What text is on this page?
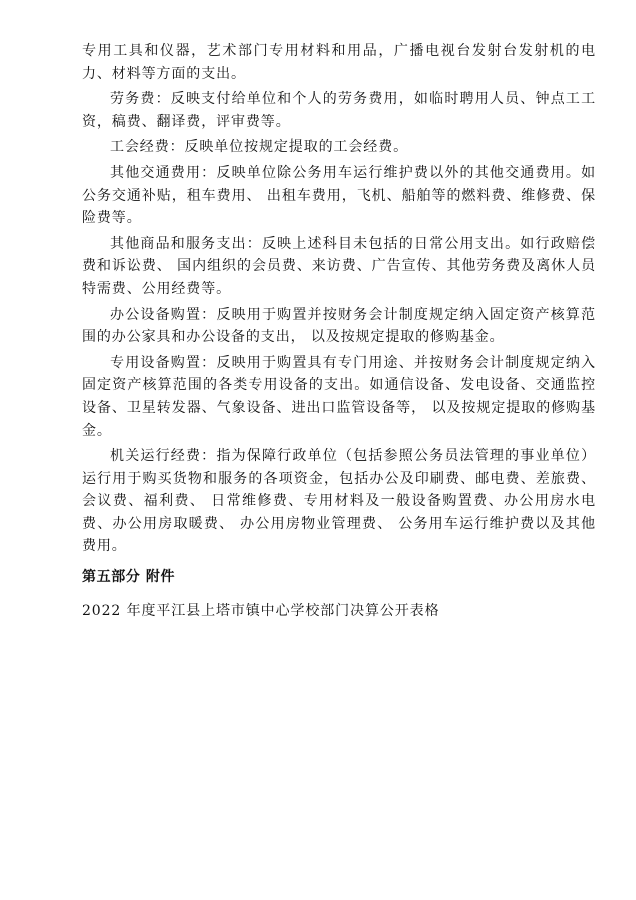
专用工具和仪器，艺术部门专用材料和用品，广播电视台发射台发射机的电力、材料等方面的支出。

劳务费：反映支付给单位和个人的劳务费用，如临时聘用人员、钟点工工资，稿费、翻译费，评审费等。

工会经费：反映单位按规定提取的工会经费。

其他交通费用：反映单位除公务用车运行维护费以外的其他交通费用。如公务交通补贴，租车费用、 出租车费用，飞机、船舶等的燃料费、维修费、保险费等。

其他商品和服务支出：反映上述科目未包括的日常公用支出。如行政赔偿费和诉讼费、 国内组织的会员费、来访费、广告宣传、其他劳务费及离休人员特需费、公用经费等。

办公设备购置：反映用于购置并按财务会计制度规定纳入固定资产核算范围的办公家具和办公设备的支出， 以及按规定提取的修购基金。

专用设备购置：反映用于购置具有专门用途、并按财务会计制度规定纳入固定资产核算范围的各类专用设备的支出。如通信设备、发电设备、交通监控设备、卫星转发器、气象设备、进出口监管设备等， 以及按规定提取的修购基金。

机关运行经费：指为保障行政单位（包括参照公务员法管理的事业单位）运行用于购买货物和服务的各项资金，包括办公及印刷费、邮电费、差旅费、会议费、福利费、 日常维修费、专用材料及一般设备购置费、办公用房水电费、办公用房取暖费、 办公用房物业管理费、 公务用车运行维护费以及其他费用。

第五部分 附件

2022 年度平江县上塔市镇中心学校部门决算公开表格
